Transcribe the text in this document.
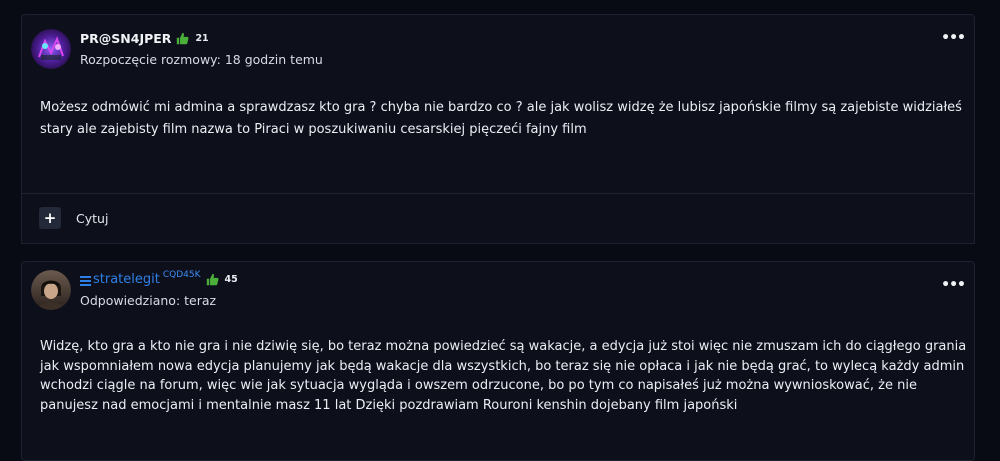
PR@SN4JPER	21
Rozpoczęcie rozmowy: 18 godzin temu
•••
Możesz odmówić mi admina a sprawdzasz kto gra ? chyba nie bardzo co ? ale jak wolisz widzę że lubisz japońskie filmy są zajebiste widziałeś stary ale zajebisty film nazwa to Piraci w poszukiwaniu cesarskiej pięczeći fajny film
+	Cytuj
stratelegit CQD45K	45
Odpowiedziano: teraz
•••
Widzę, kto gra a kto nie gra i nie dziwię się, bo teraz można powiedzieć są wakacje, a edycja już stoi więc nie zmuszam ich do ciągłego grania jak wspomniałem nowa edycja planujemy jak będą wakacje dla wszystkich, bo teraz się nie opłaca i jak nie będą grać, to wylecą każdy admin wchodzi ciągle na forum, więc wie jak sytuacja wygląda i owszem odrzucone, bo po tym co napisałeś już można wywnioskować, że nie panujesz nad emocjami i mentalnie masz 11 lat Dzięki pozdrawiam Rouroni kenshin dojebany film japoński
